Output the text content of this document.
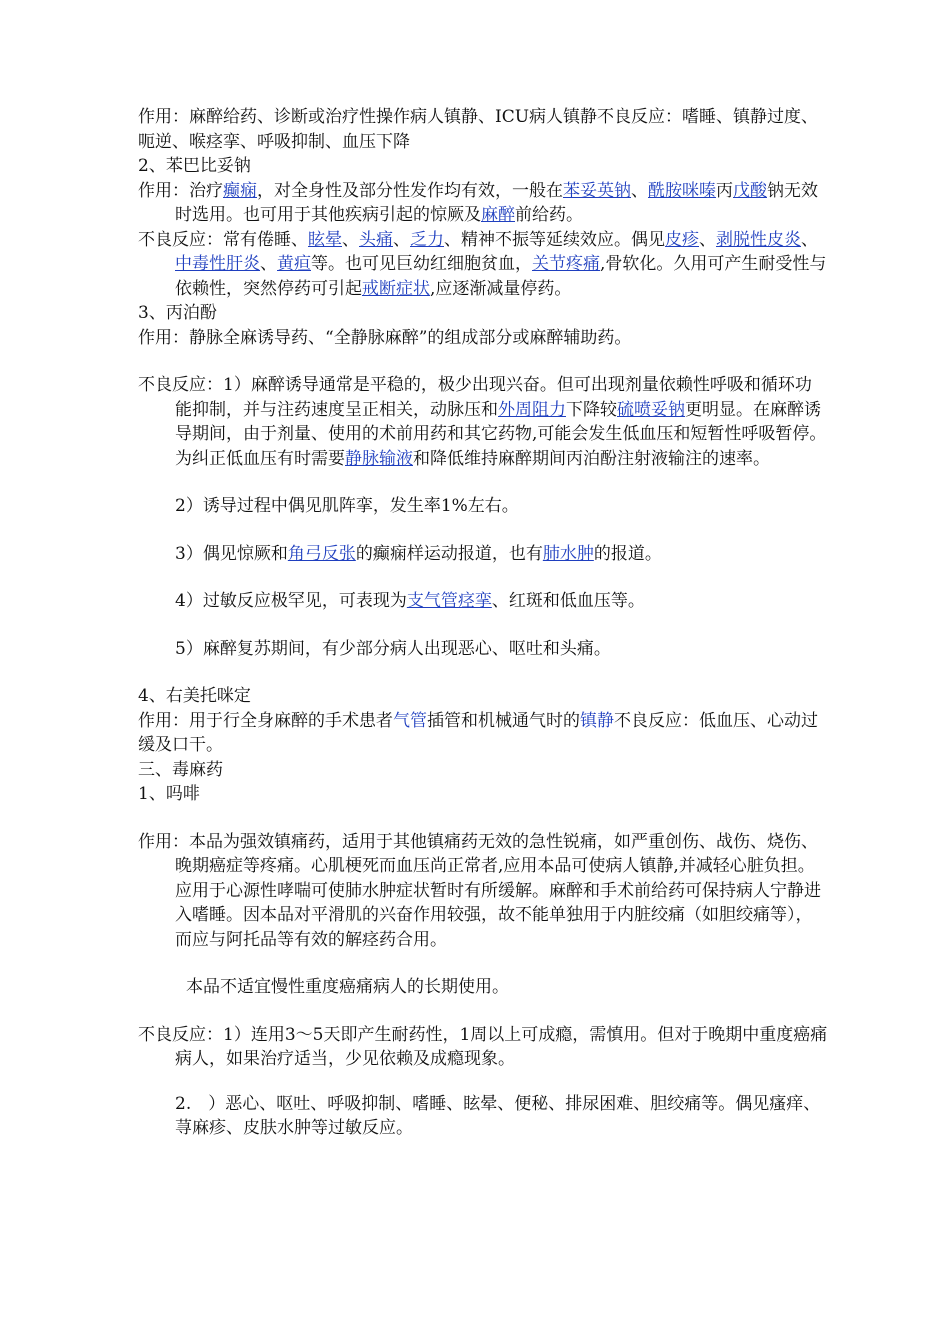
作用：麻醉给药、诊断或治疗性操作病人镇静、ICU病人镇静不良反应：嗜睡、镇静过度、呃逆、喉痉挛、呼吸抑制、血压下降

2、苯巴比妥钠

作用：治疗癫痫，对全身性及部分性发作均有效，一般在苯妥英钠、酰胺咪嗪丙戊酸钠无效时选用。也可用于其他疾病引起的惊厥及麻醉前给药。

不良反应：常有倦睡、眩晕、头痛、乏力、精神不振等延续效应。偶见皮疹、剥脱性皮炎、中毒性肝炎、黄疸等。也可见巨幼红细胞贫血，关节疼痛,骨软化。久用可产生耐受性与依赖性，突然停药可引起戒断症状,应逐渐减量停药。

3、丙泊酚

作用：静脉全麻诱导药、“全静脉麻醉”的组成部分或麻醉辅助药。

不良反应：1）麻醉诱导通常是平稳的，极少出现兴奋。但可出现剂量依赖性呼吸和循环功能抑制，并与注药速度呈正相关，动脉压和外周阻力下降较硫喷妥钠更明显。在麻醉诱导期间，由于剂量、使用的术前用药和其它药物,可能会发生低血压和短暂性呼吸暂停。为纠正低血压有时需要静脉输液和降低维持麻醉期间丙泊酚注射液输注的速率。

2）诱导过程中偶见肌阵挛，发生率1%左右。

3）偶见惊厥和角弓反张的癫痫样运动报道，也有肺水肿的报道。

4）过敏反应极罕见，可表现为支气管痉挛、红斑和低血压等。

5）麻醉复苏期间，有少部分病人出现恶心、呕吐和头痛。

4、右美托咪定

作用：用于行全身麻醉的手术患者气管插管和机械通气时的镇静不良反应：低血压、心动过缓及口干。

三、毒麻药

1、吗啡

作用：本品为强效镇痛药，适用于其他镇痛药无效的急性锐痛，如严重创伤、战伤、烧伤、晚期癌症等疼痛。心肌梗死而血压尚正常者,应用本品可使病人镇静,并减轻心脏负担。应用于心源性哮喘可使肺水肿症状暂时有所缓解。麻醉和手术前给药可保持病人宁静进入嗜睡。因本品对平滑肌的兴奋作用较强，故不能单独用于内脏绞痛（如胆绞痛等），而应与阿托品等有效的解痉药合用。

本品不适宜慢性重度癌痛病人的长期使用。

不良反应：1）连用3～5天即产生耐药性，1周以上可成瘾，需慎用。但对于晚期中重度癌痛病人，如果治疗适当，少见依赖及成瘾现象。

2.　）恶心、呕吐、呼吸抑制、嗜睡、眩晕、便秘、排尿困难、胆绞痛等。偶见瘙痒、荨麻疹、皮肤水肿等过敏反应。
